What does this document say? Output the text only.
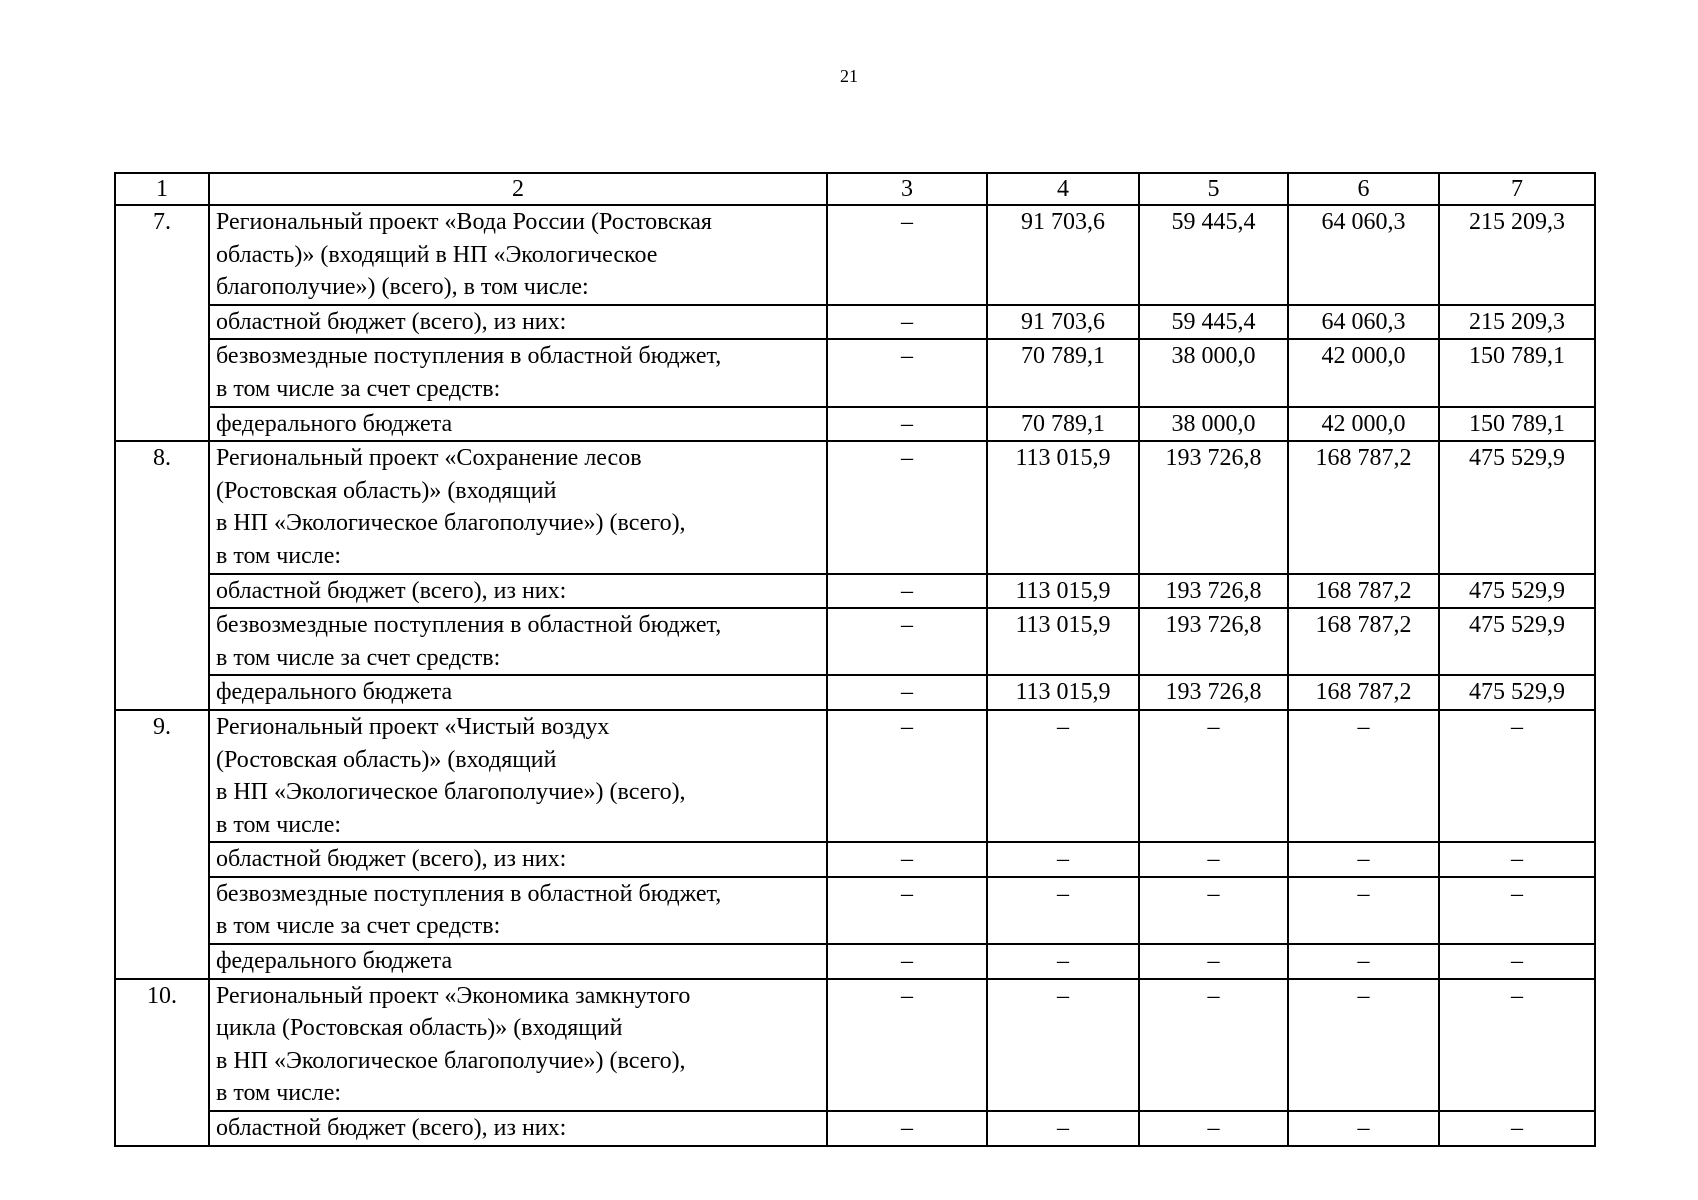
21
1	2	3	4	5	6	7
7.	Региональный проект «Вода России (Ростовская
область)» (входящий в НП «Экологическое
благополучие») (всего), в том числе:	–	91 703,6	59 445,4	64 060,3	215 209,3
	областной бюджет (всего), из них:	–	91 703,6	59 445,4	64 060,3	215 209,3
	безвозмездные поступления в областной бюджет,
в том числе за счет средств:	–	70 789,1	38 000,0	42 000,0	150 789,1
	федерального бюджета	–	70 789,1	38 000,0	42 000,0	150 789,1
8.	Региональный проект «Сохранение лесов
(Ростовская область)» (входящий
в НП «Экологическое благополучие») (всего),
в том числе:	–	113 015,9	193 726,8	168 787,2	475 529,9
	областной бюджет (всего), из них:	–	113 015,9	193 726,8	168 787,2	475 529,9
	безвозмездные поступления в областной бюджет,
в том числе за счет средств:	–	113 015,9	193 726,8	168 787,2	475 529,9
	федерального бюджета	–	113 015,9	193 726,8	168 787,2	475 529,9
9.	Региональный проект «Чистый воздух
(Ростовская область)» (входящий
в НП «Экологическое благополучие») (всего),
в том числе:	–	–	–	–	–
	областной бюджет (всего), из них:	–	–	–	–	–
	безвозмездные поступления в областной бюджет,
в том числе за счет средств:	–	–	–	–	–
	федерального бюджета	–	–	–	–	–
10.	Региональный проект «Экономика замкнутого
цикла (Ростовская область)» (входящий
в НП «Экологическое благополучие») (всего),
в том числе:	–	–	–	–	–
	областной бюджет (всего), из них:	–	–	–	–	–
